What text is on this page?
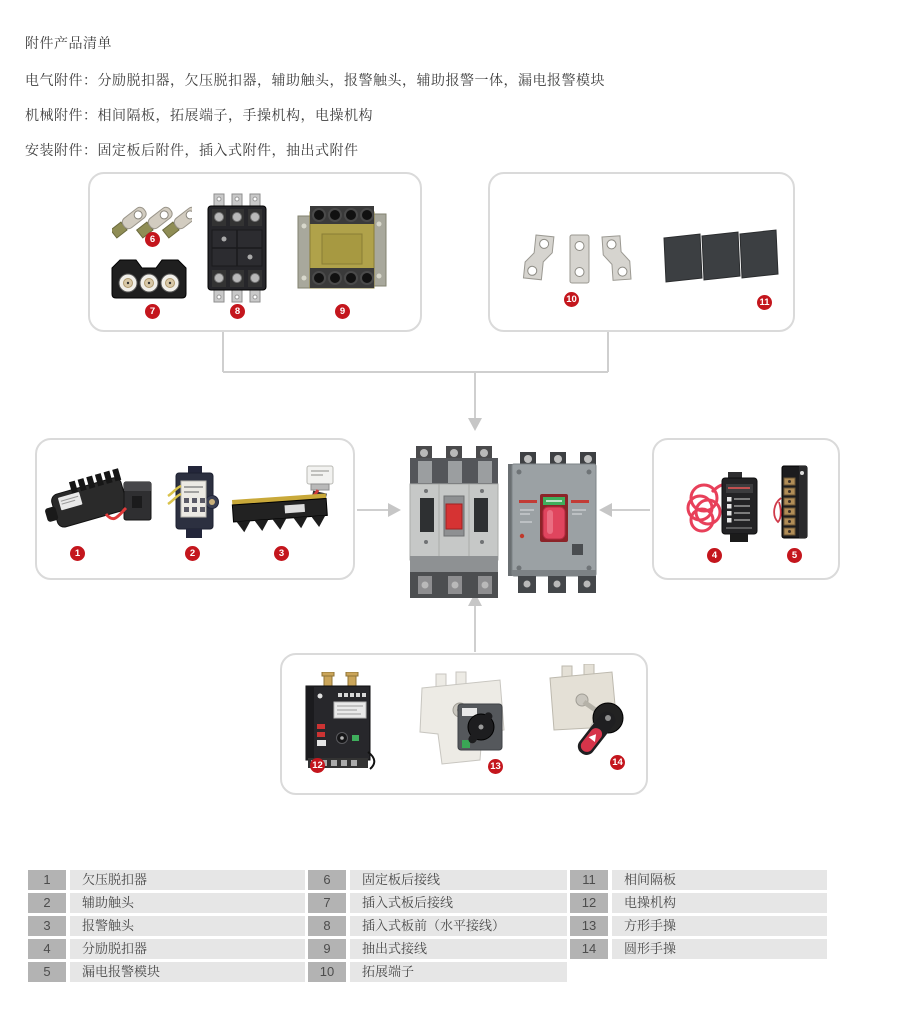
附件产品清单
电气附件：分励脱扣器，欠压脱扣器，辅助触头，报警触头，辅助报警一体，漏电报警模块
机械附件：相间隔板，拓展端子，手操机构，电操机构
安装附件：固定板后附件，插入式附件，抽出式附件
1	2	3	4	5
6
7	8	9
10	11
12	13	14
1	欠压脱扣器
2	辅助触头
3	报警触头
4	分励脱扣器
5	漏电报警模块
6	固定板后接线
7	插入式板后接线
8	插入式板前（水平接线）
9	抽出式接线
10	拓展端子
11	相间隔板
12	电操机构
13	方形手操
14	圆形手操
